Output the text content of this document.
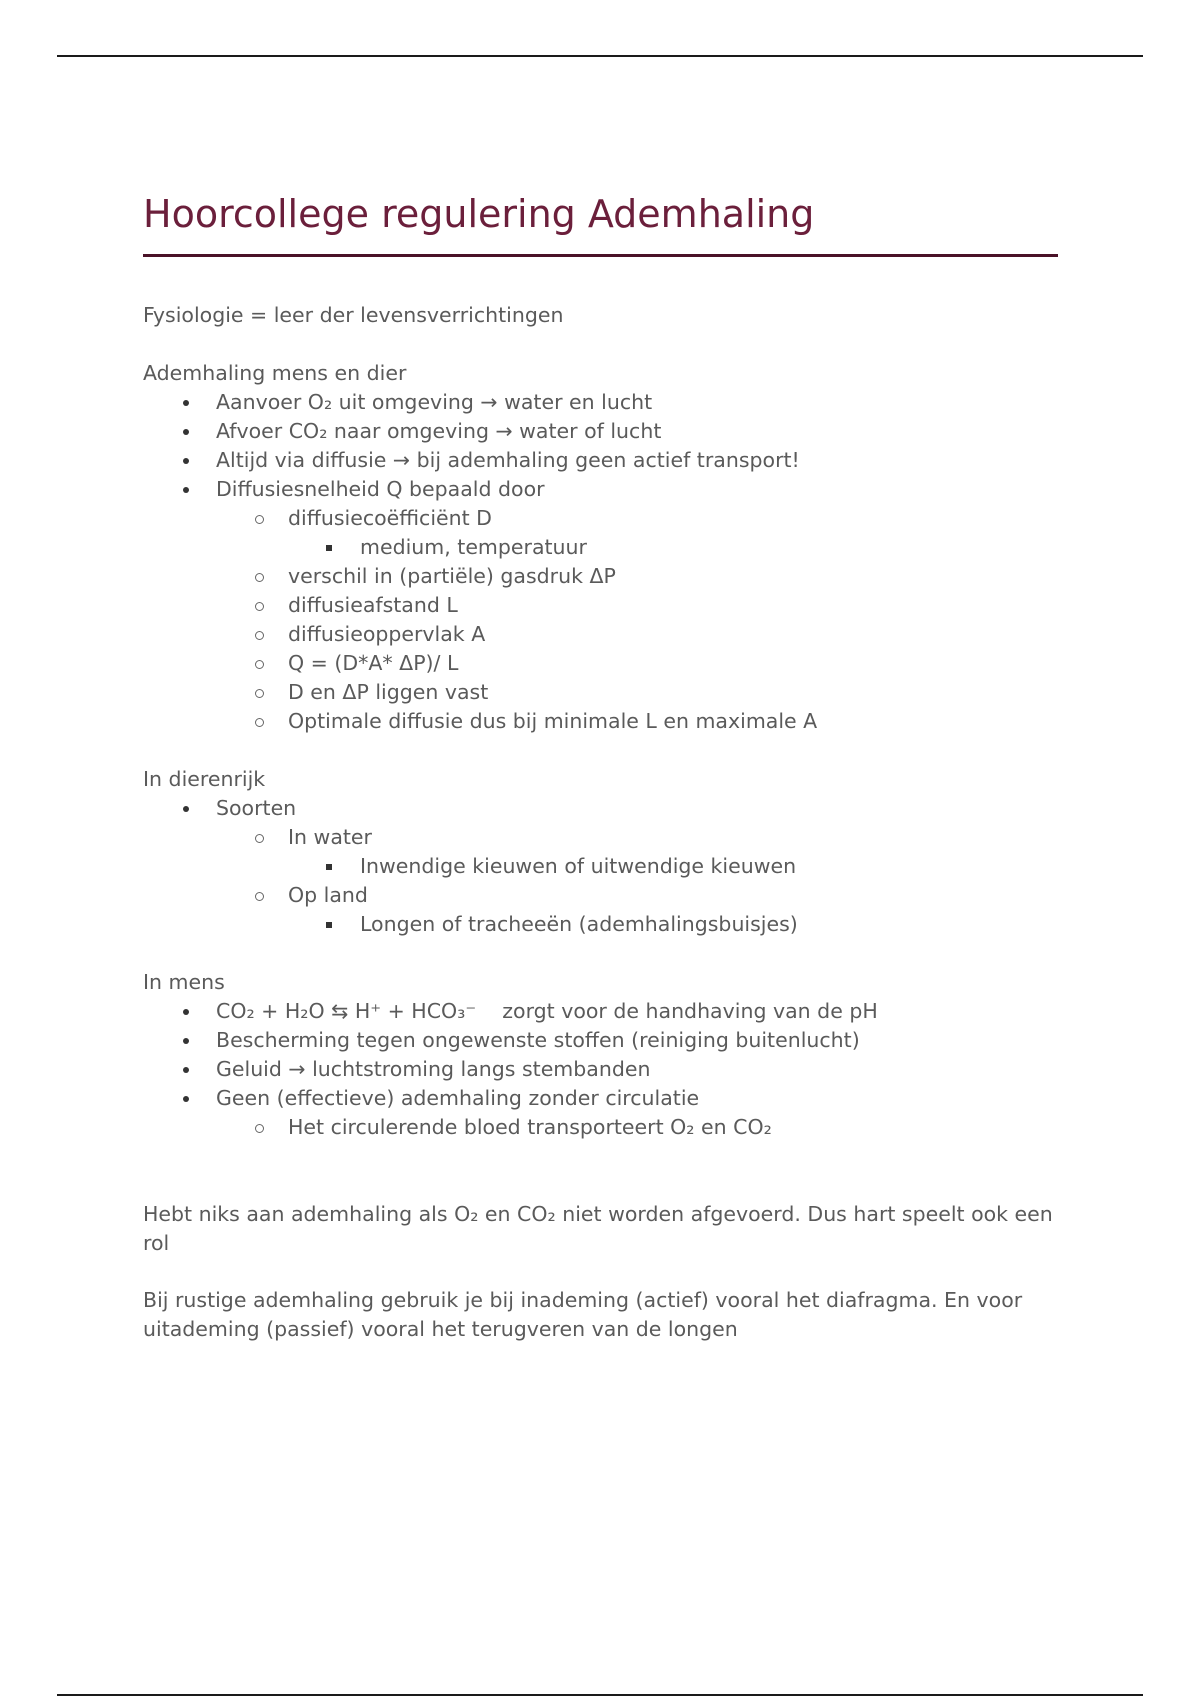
Hoorcollege regulering Ademhaling

Fysiologie = leer der levensverrichtingen

Ademhaling mens en dier

Aanvoer O₂ uit omgeving → water en lucht
Afvoer CO₂ naar omgeving → water of lucht
Altijd via diffusie → bij ademhaling geen actief transport!
Diffusiesnelheid Q bepaald door
diffusiecoëfficiënt D
medium, temperatuur
verschil in (partiële) gasdruk ΔP
diffusieafstand L
diffusieoppervlak A
Q = (D*A* ΔP)/ L
D en ΔP liggen vast
Optimale diffusie dus bij minimale L en maximale A

In dierenrijk

Soorten
In water
Inwendige kieuwen of uitwendige kieuwen
Op land
Longen of tracheeën (ademhalingsbuisjes)

In mens

CO₂ + H₂O ⇆ H⁺ + HCO₃⁻    zorgt voor de handhaving van de pH
Bescherming tegen ongewenste stoffen (reiniging buitenlucht)
Geluid → luchtstroming langs stembanden
Geen (effectieve) ademhaling zonder circulatie
Het circulerende bloed transporteert O₂ en CO₂

Hebt niks aan ademhaling als O₂ en CO₂ niet worden afgevoerd. Dus hart speelt ook een rol

Bij rustige ademhaling gebruik je bij inademing (actief) vooral het diafragma. En voor uitademing (passief) vooral het terugveren van de longen
